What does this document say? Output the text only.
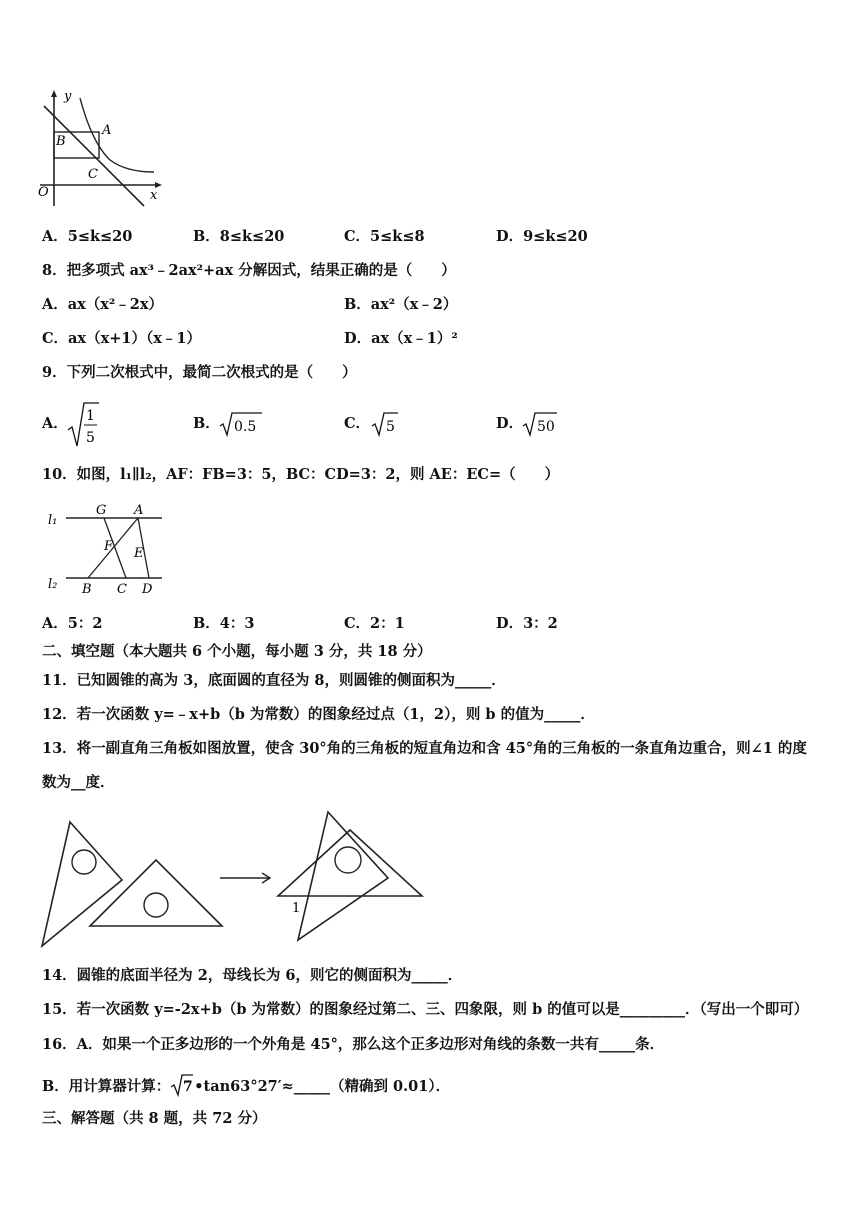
y
x
O
A
B
C
A．5≤k≤20	B．8≤k≤20	C．5≤k≤8	D．9≤k≤20
8．把多项式 ax³﹣2ax²+ax 分解因式，结果正确的是（　　）
A．ax（x²﹣2x）	B．ax²（x﹣2）
C．ax（x+1）（x﹣1）	D．ax（x﹣1）²
9．下列二次根式中，最简二次根式的是（　　）
A． 1
5
B． 0.5	C． 5	D． 50
10．如图，l₁∥l₂，AF：FB=3：5，BC：CD=3：2，则 AE：EC=（　　）
l₁
l₂
G A
F E
B C D
A．5：2	B．4：3	C．2：1	D．3：2
二、填空题（本大题共 6 个小题，每小题 3 分，共 18 分）
11．已知圆锥的高为 3，底面圆的直径为 8，则圆锥的侧面积为_____．
12．若一次函数 y=﹣x+b（b 为常数）的图象经过点（1，2），则 b 的值为_____．
13．将一副直角三角板如图放置，使含 30°角的三角板的短直角边和含 45°角的三角板的一条直角边重合，则∠1 的度
数为__度．
1
14．圆锥的底面半径为 2，母线长为 6，则它的侧面积为_____．
15．若一次函数 y=-2x+b（b 为常数）的图象经过第二、三、四象限，则 b 的值可以是_________．（写出一个即可）
16．A．如果一个正多边形的一个外角是 45°，那么这个正多边形对角线的条数一共有_____条．
B．用计算器计算： 7 •tan63°27′≈_____（精确到 0.01）．
三、解答题（共 8 题，共 72 分）
